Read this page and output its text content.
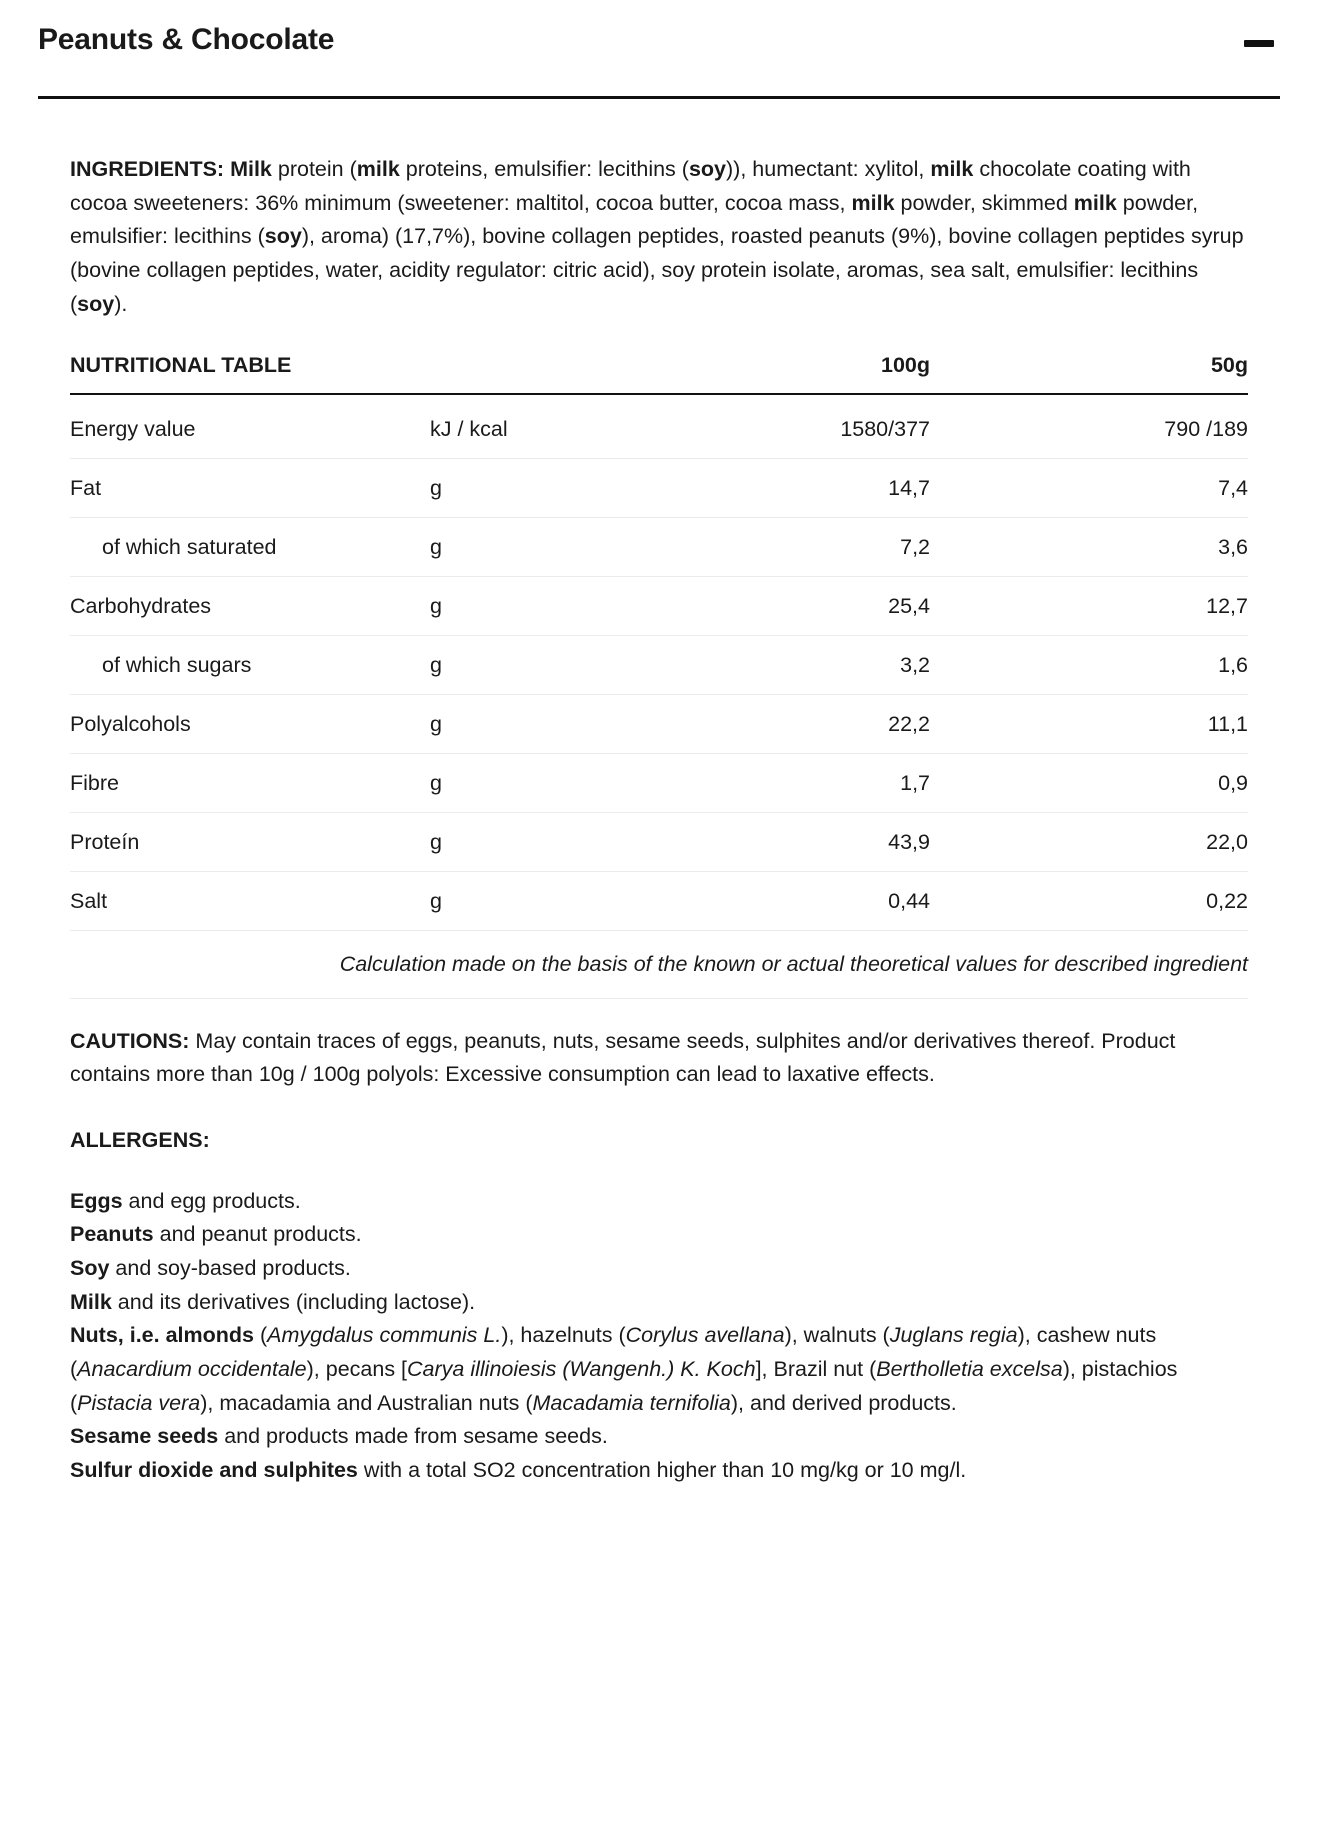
Peanuts & Chocolate

INGREDIENTS: Milk protein (milk proteins, emulsifier: lecithins (soy)), humectant: xylitol, milk chocolate coating with cocoa sweeteners: 36% minimum (sweetener: maltitol, cocoa butter, cocoa mass, milk powder, skimmed milk powder, emulsifier: lecithins (soy), aroma) (17,7%), bovine collagen peptides, roasted peanuts (9%), bovine collagen peptides syrup (bovine collagen peptides, water, acidity regulator: citric acid), soy protein isolate, aromas, sea salt, emulsifier: lecithins (soy).

NUTRITIONAL TABLE		100g	50g
Energy value	kJ / kcal	1580/377	790 /189
Fat	g	14,7	7,4
of which saturated	g	7,2	3,6
Carbohydrates	g	25,4	12,7
of which sugars	g	3,2	1,6
Polyalcohols	g	22,2	11,1
Fibre	g	1,7	0,9
Proteín	g	43,9	22,0
Salt	g	0,44	0,22
Calculation made on the basis of the known or actual theoretical values for described ingredient			

CAUTIONS: May contain traces of eggs, peanuts, nuts, sesame seeds, sulphites and/or derivatives thereof. Product contains more than 10g / 100g polyols: Excessive consumption can lead to laxative effects.

ALLERGENS:

Eggs and egg products.
Peanuts and peanut products.
Soy and soy-based products.
Milk and its derivatives (including lactose).
Nuts, i.e. almonds (Amygdalus communis L.), hazelnuts (Corylus avellana), walnuts (Juglans regia), cashew nuts (Anacardium occidentale), pecans [Carya illinoiesis (Wangenh.) K. Koch], Brazil nut (Bertholletia excelsa), pistachios (Pistacia vera), macadamia and Australian nuts (Macadamia ternifolia), and derived products.
Sesame seeds and products made from sesame seeds.
Sulfur dioxide and sulphites with a total SO2 concentration higher than 10 mg/kg or 10 mg/l.
